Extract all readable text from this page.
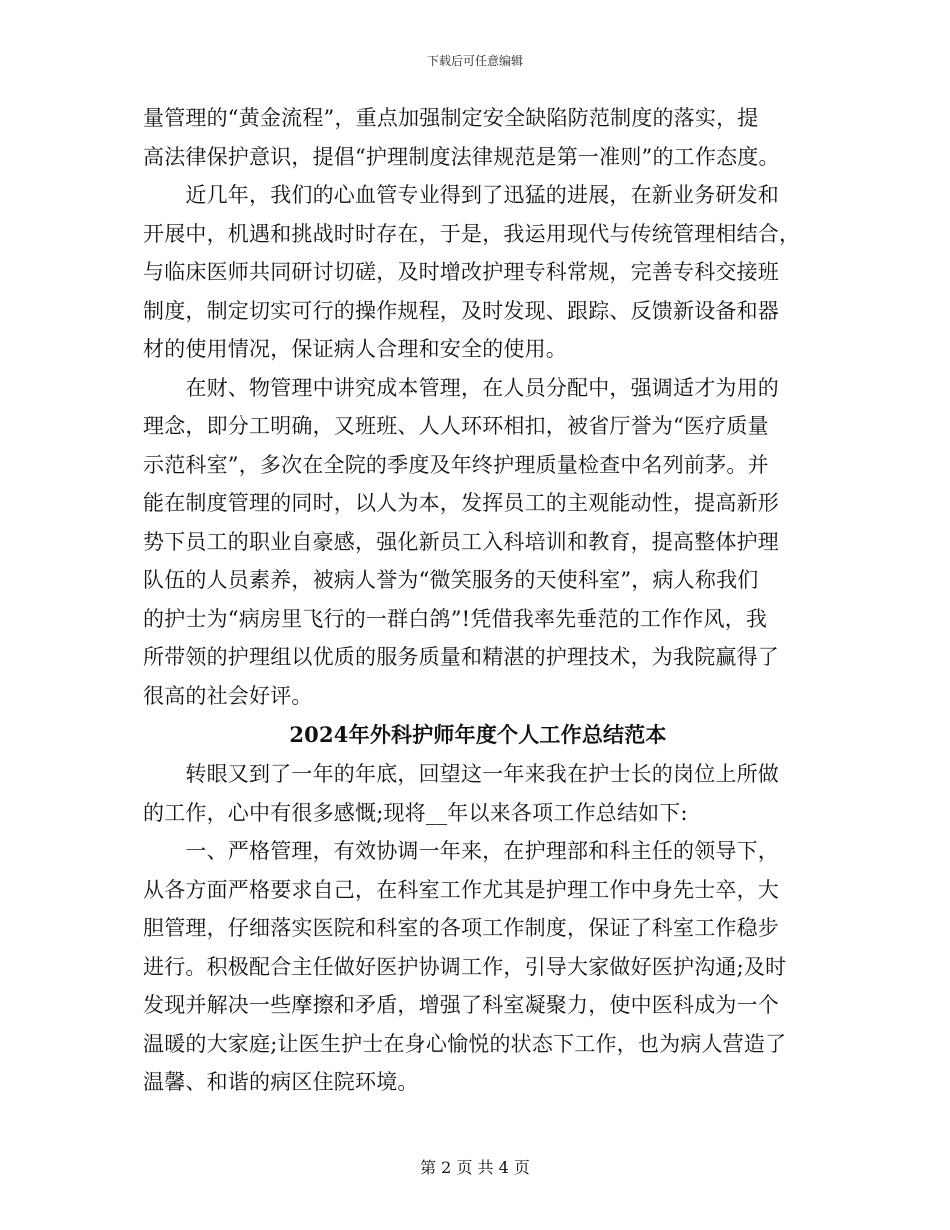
下载后可任意编辑
量管理的“黄金流程”，重点加强制定安全缺陷防范制度的落实，提
高法律保护意识，提倡“护理制度法律规范是第一准则”的工作态度。
　　近几年，我们的心血管专业得到了迅猛的进展，在新业务研发和
开展中，机遇和挑战时时存在，于是，我运用现代与传统管理相结合，
与临床医师共同研讨切磋，及时增改护理专科常规，完善专科交接班
制度，制定切实可行的操作规程，及时发现、跟踪、反馈新设备和器
材的使用情况，保证病人合理和安全的使用。
　　在财、物管理中讲究成本管理，在人员分配中，强调适才为用的
理念，即分工明确，又班班、人人环环相扣，被省厅誉为“医疗质量
示范科室”，多次在全院的季度及年终护理质量检查中名列前茅。并
能在制度管理的同时，以人为本，发挥员工的主观能动性，提高新形
势下员工的职业自豪感，强化新员工入科培训和教育，提高整体护理
队伍的人员素养，被病人誉为“微笑服务的天使科室”，病人称我们
的护士为“病房里飞行的一群白鸽”!凭借我率先垂范的工作作风，我
所带领的护理组以优质的服务质量和精湛的护理技术，为我院赢得了
很高的社会好评。
2024年外科护师年度个人工作总结范本
　　转眼又到了一年的年底，回望这一年来我在护士长的岗位上所做
的工作，心中有很多感慨;现将__年以来各项工作总结如下:
　　一、严格管理，有效协调一年来，在护理部和科主任的领导下，
从各方面严格要求自己，在科室工作尤其是护理工作中身先士卒，大
胆管理，仔细落实医院和科室的各项工作制度，保证了科室工作稳步
进行。积极配合主任做好医护协调工作，引导大家做好医护沟通;及时
发现并解决一些摩擦和矛盾，增强了科室凝聚力，使中医科成为一个
温暖的大家庭;让医生护士在身心愉悦的状态下工作，也为病人营造了
温馨、和谐的病区住院环境。
第 2 页 共 4 页
